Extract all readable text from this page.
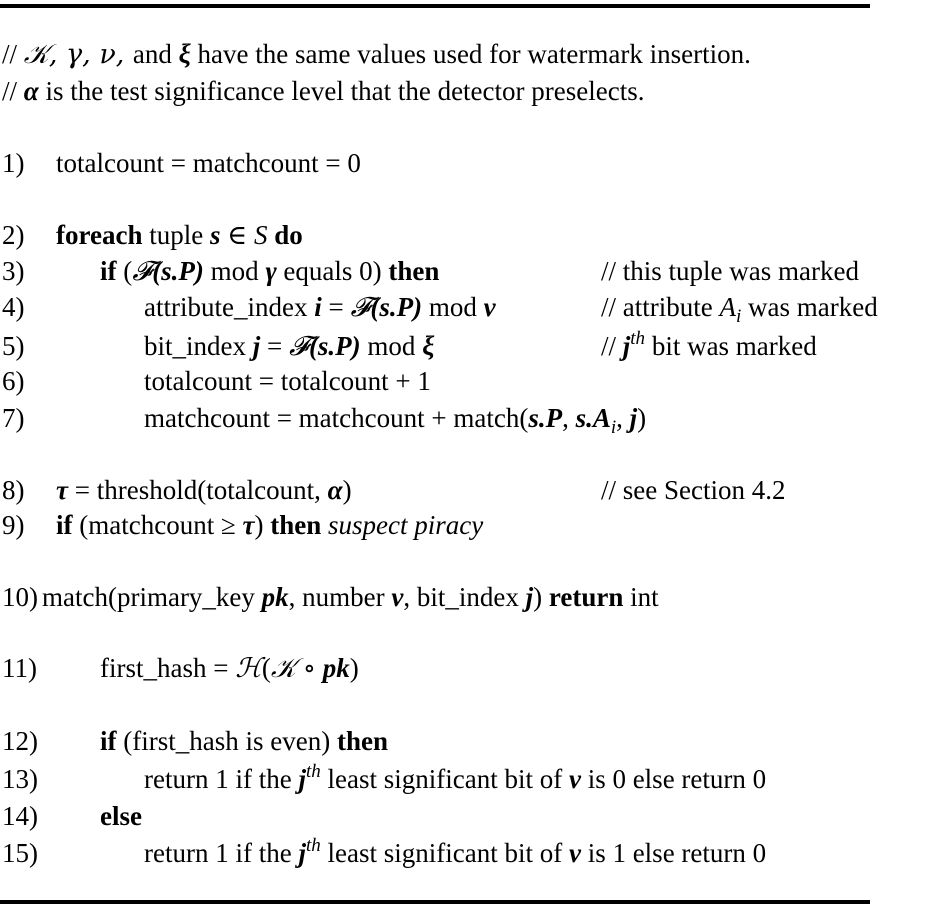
// 𝒦, γ, ν, and ξ have the same values used for watermark insertion.
// α is the test significance level that the detector preselects.
1) totalcount = matchcount = 0
2) foreach tuple s ∈ S do
3)	if (𝓕(s.P) mod γ equals 0) then	// this tuple was marked
4)	attribute_index i = 𝓕(s.P) mod ν	// attribute $A_i$ was marked
5)	bit_index j = 𝓕(s.P) mod ξ	// $j^{th}$ bit was marked
6)	totalcount = totalcount + 1
7)	matchcount = matchcount + match(s.P, $s.A_i$, j)
8) τ = threshold(totalcount, α)	// see Section 4.2
9) if (matchcount ≥ τ) then suspect piracy
10) match(primary_key pk, number v, bit_index j) return int
11) first_hash = ℋ(𝒦 ∘ pk)
12) if (first_hash is even) then
13)	return 1 if the $j^{th}$ least significant bit of v is 0 else return 0
14) else
15)	return 1 if the $j^{th}$ least significant bit of v is 1 else return 0
